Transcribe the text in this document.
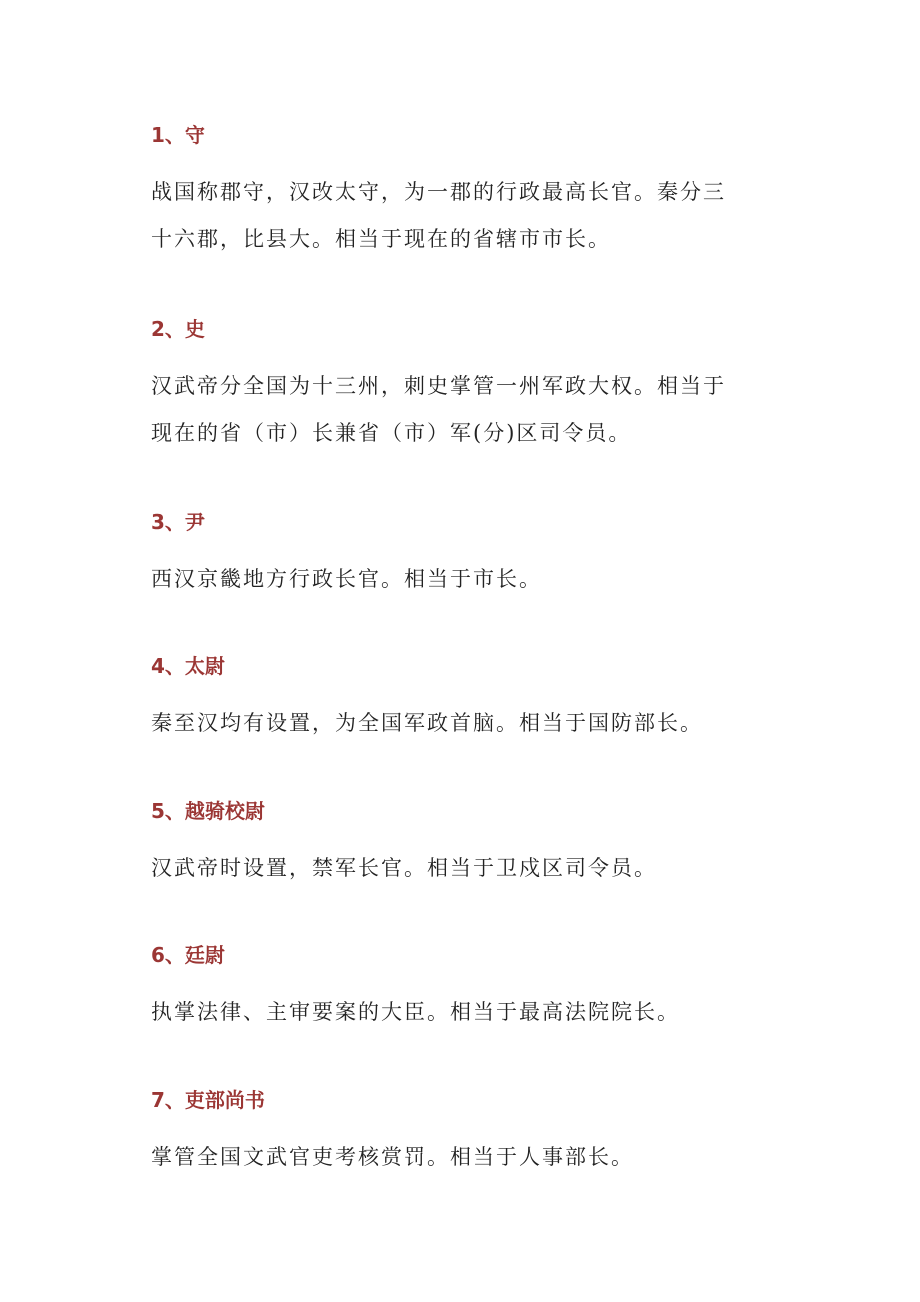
1、守
战国称郡守，汉改太守，为一郡的行政最高长官。秦分三
十六郡，比县大。相当于现在的省辖市市长。
2、史
汉武帝分全国为十三州，刺史掌管一州军政大权。相当于
现在的省（市）长兼省（市）军(分)区司令员。
3、尹
西汉京畿地方行政长官。相当于市长。
4、太尉
秦至汉均有设置，为全国军政首脑。相当于国防部长。
5、越骑校尉
汉武帝时设置，禁军长官。相当于卫戍区司令员。
6、廷尉
执掌法律、主审要案的大臣。相当于最高法院院长。
7、吏部尚书
掌管全国文武官吏考核赏罚。相当于人事部长。
